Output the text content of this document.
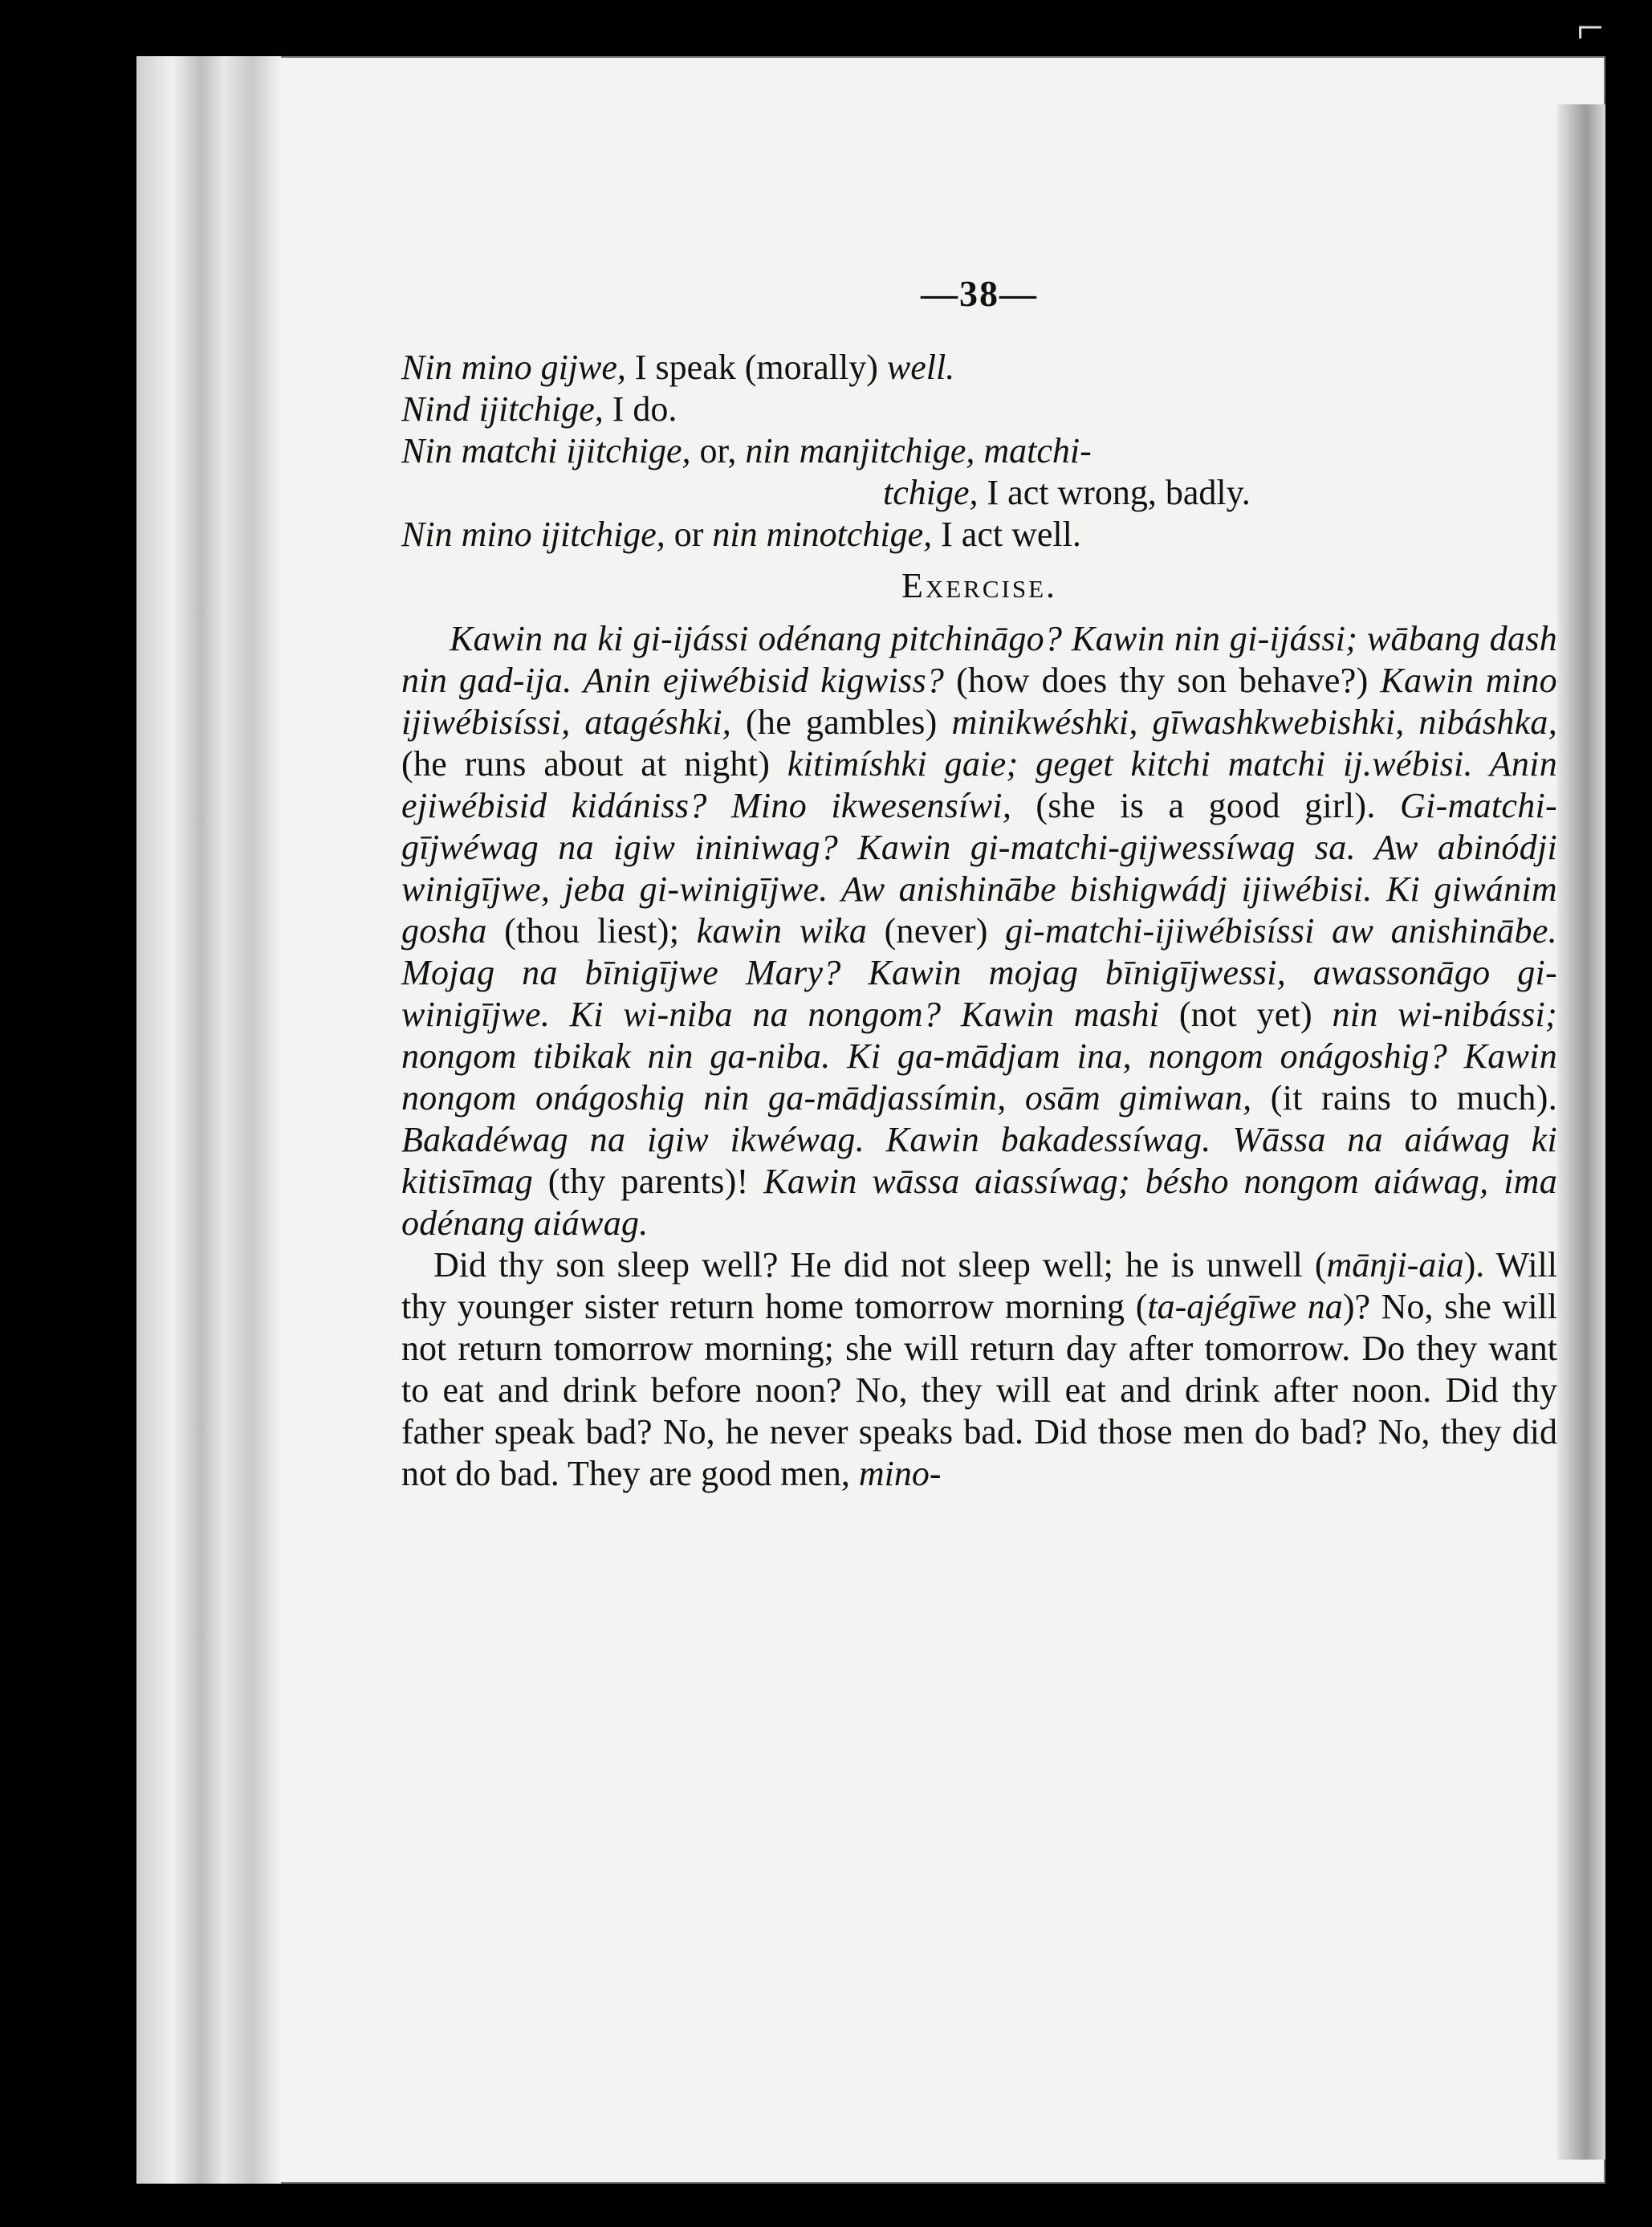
⌐
—38—
Nin mino gijwe, I speak (morally) well.
Nind ijitchige, I do.
Nin matchi ijitchige, or, nin manjitchige, matchi-
tchige, I act wrong, badly.
Nin mino ijitchige, or nin minotchige, I act well.
Exercise.

Kawin na ki gi-ijássi odénang pitchināgo? Kawin nin gi-ijássi; wābang dash nin gad-ija. Anin ejiwébisid kigwiss? (how does thy son behave?) Kawin mino ijiwébisíssi, atagéshki, (he gambles) minikwéshki, gīwashkwebishki, nibáshka, (he runs about at night) kitimíshki gaie; geget kitchi matchi ij.wébisi. Anin ejiwébisid kidániss? Mino ikwesensíwi, (she is a good girl). Gi-matchi-gījwéwag na igiw ininiwag? Kawin gi-matchi-gijwessíwag sa. Aw abinódji winigījwe, jeba gi-winigījwe. Aw anishinābe bishigwádj ijiwébisi. Ki giwánim gosha (thou liest); kawin wika (never) gi-matchi-ijiwébisíssi aw anishinābe. Mojag na bīnigījwe Mary? Kawin mojag bīnigījwessi, awassonāgo gi-winigījwe. Ki wi-niba na nongom? Kawin mashi (not yet) nin wi-nibássi; nongom tibikak nin ga-niba. Ki ga-mādjam ina, nongom onágoshig? Kawin nongom onágoshig nin ga-mādjassímin, osām gimiwan, (it rains to much). Bakadéwag na igiw ikwéwag. Kawin bakadessíwag. Wāssa na aiáwag ki kitisīmag (thy parents)! Kawin wāssa aiassíwag; bésho nongom aiáwag, ima odénang aiáwag.

Did thy son sleep well? He did not sleep well; he is unwell (mānji-aia). Will thy younger sister return home tomorrow morning (ta-ajégīwe na)? No, she will not return tomorrow morning; she will return day after tomorrow. Do they want to eat and drink before noon? No, they will eat and drink after noon. Did thy father speak bad? No, he never speaks bad. Did those men do bad? No, they did not do bad. They are good men, mino-
